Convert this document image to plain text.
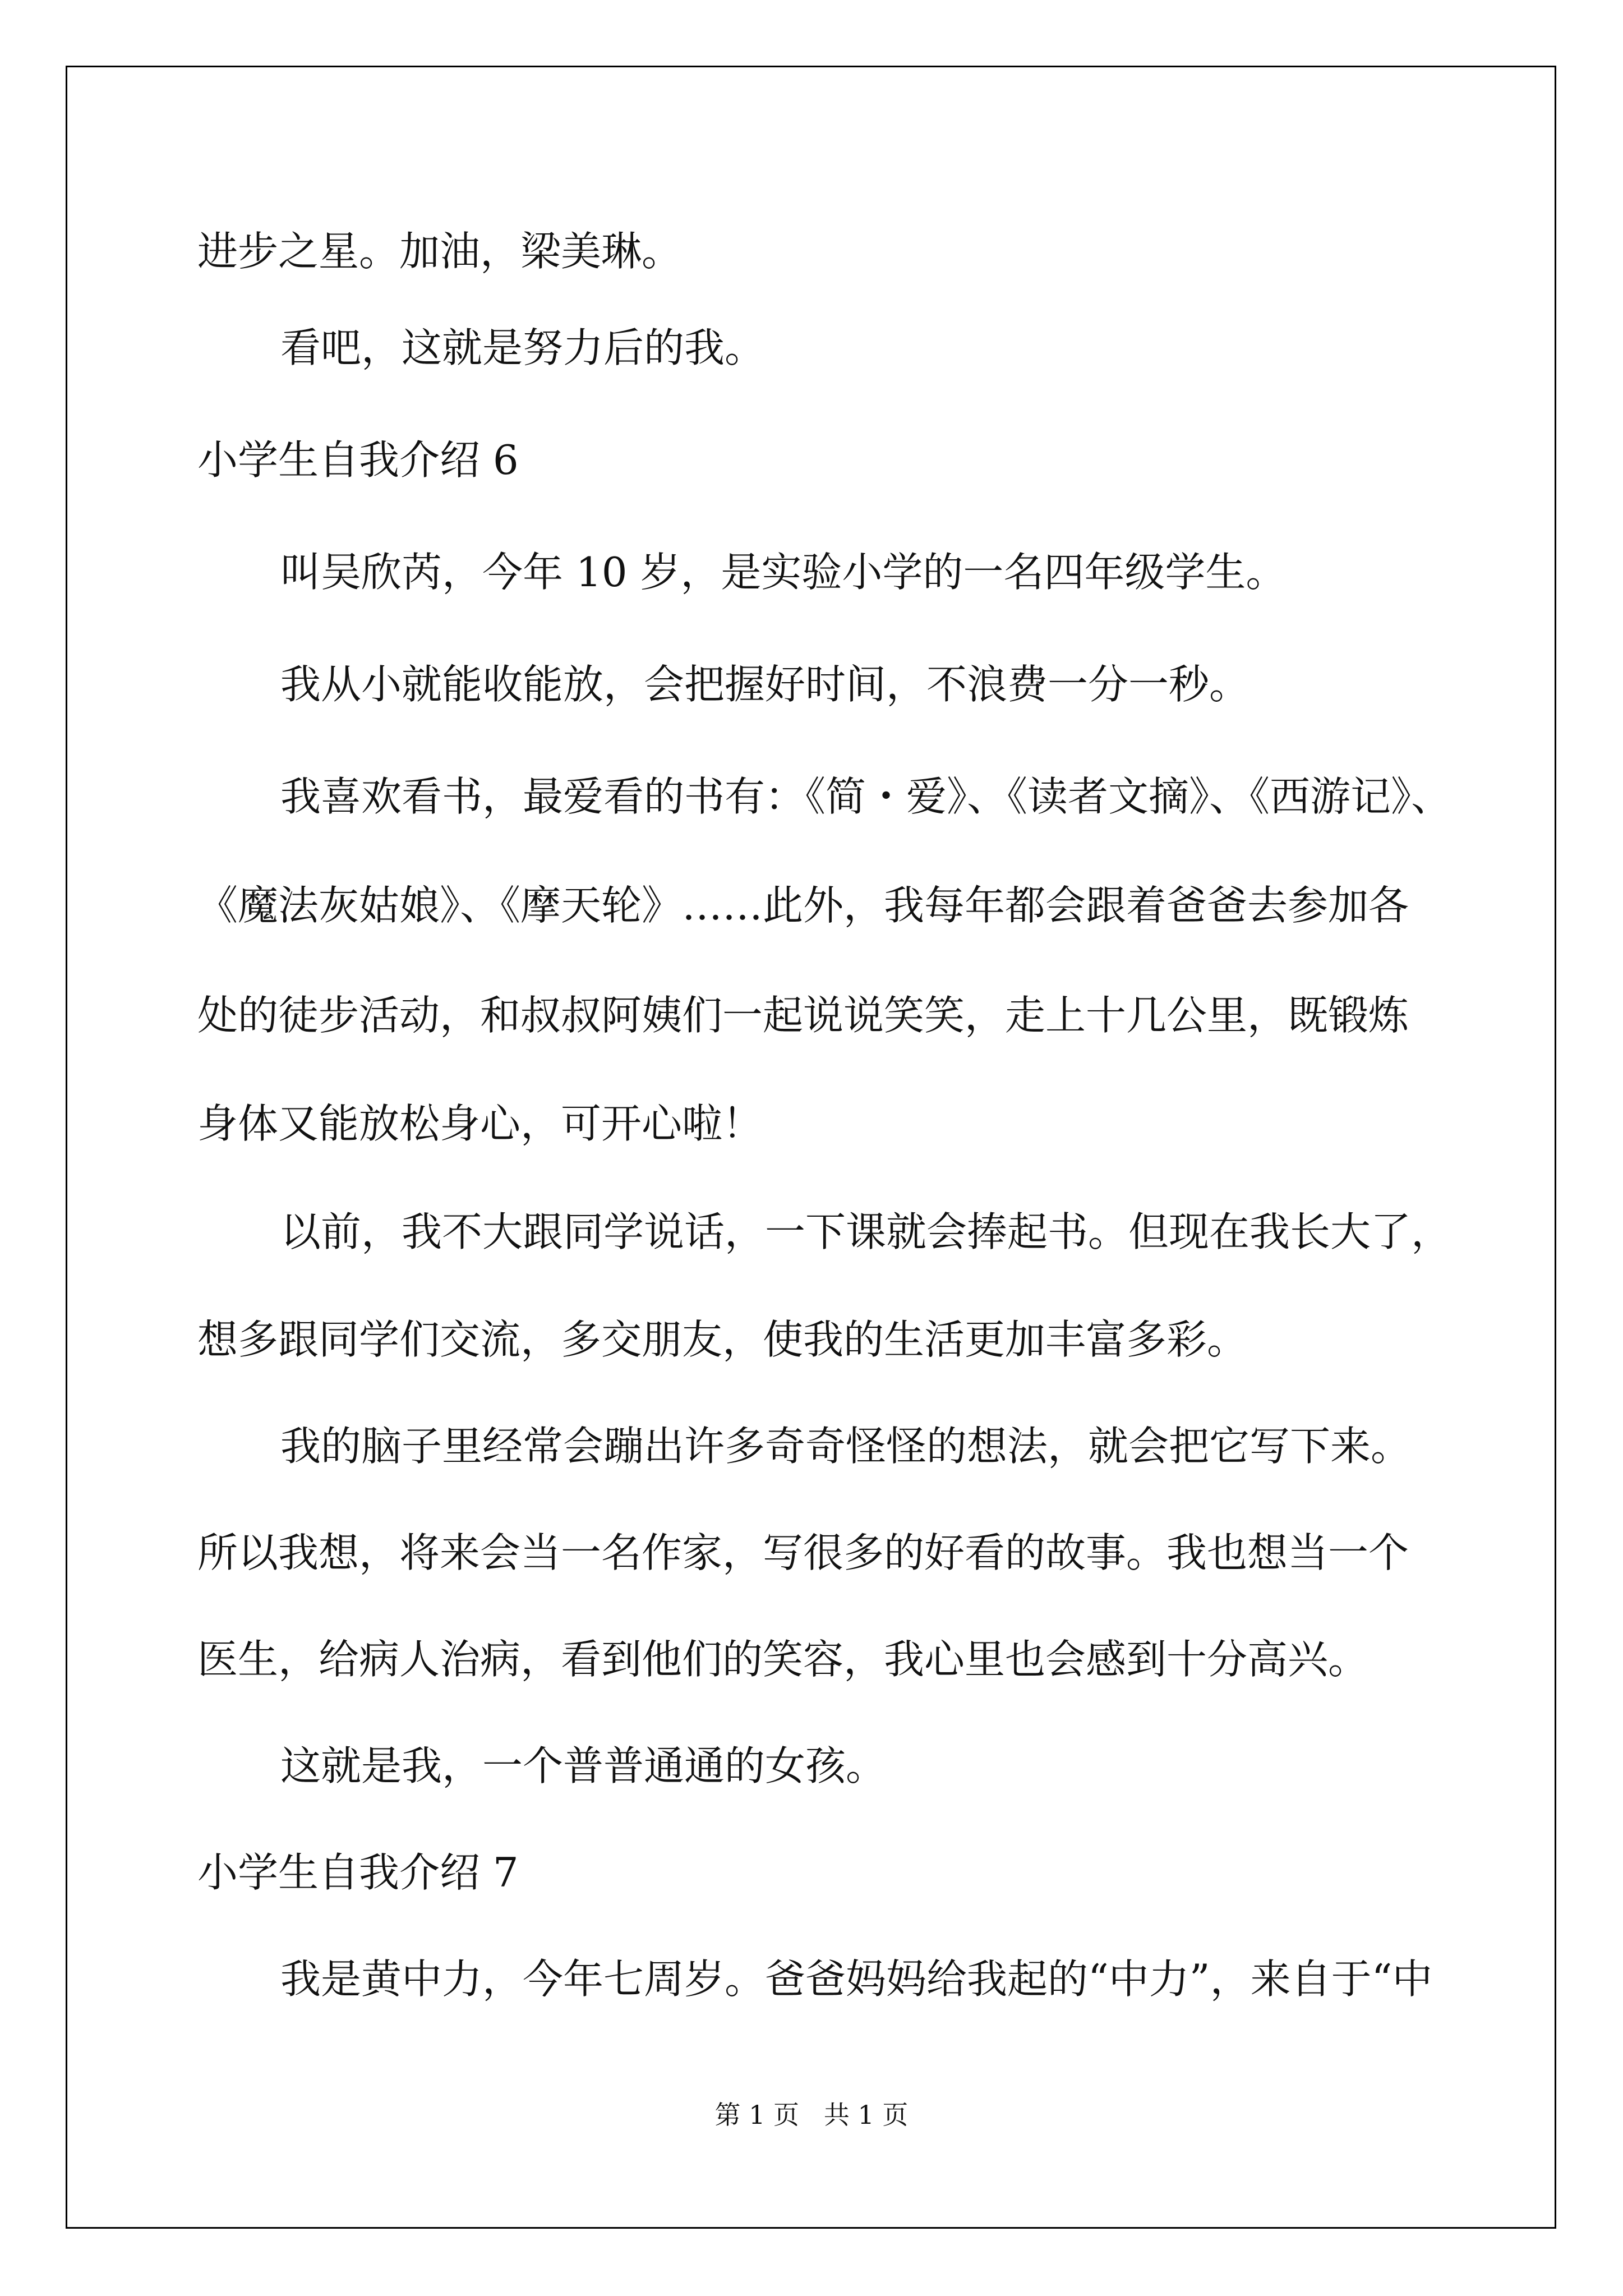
进步之星。加油，梁美琳。
看吧，这就是努力后的我。
小学生自我介绍 6
叫吴欣芮，今年 10 岁，是实验小学的一名四年级学生。
我从小就能收能放，会把握好时间，不浪费一分一秒。
我喜欢看书，最爱看的书有：《简・爱》、《读者文摘》、《西游记》、
《魔法灰姑娘》、《摩天轮》……此外，我每年都会跟着爸爸去参加各
处的徒步活动，和叔叔阿姨们一起说说笑笑，走上十几公里，既锻炼
身体又能放松身心，可开心啦！
以前，我不大跟同学说话，一下课就会捧起书。但现在我长大了，
想多跟同学们交流，多交朋友，使我的生活更加丰富多彩。
我的脑子里经常会蹦出许多奇奇怪怪的想法，就会把它写下来。
所以我想，将来会当一名作家，写很多的好看的故事。我也想当一个
医生，给病人治病，看到他们的笑容，我心里也会感到十分高兴。
这就是我，一个普普通通的女孩。
小学生自我介绍 7
我是黄中力，今年七周岁。爸爸妈妈给我起的“中力”，来自于“中
第 1 页   共 1 页
